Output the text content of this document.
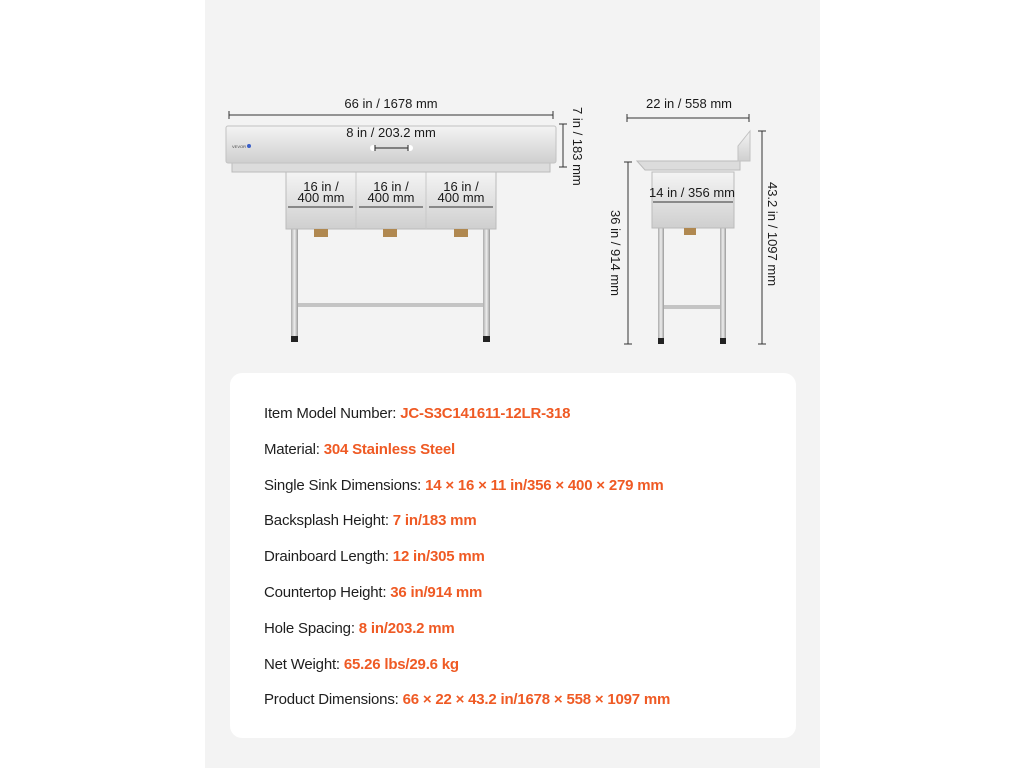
VEVOR
8 in / 203.2 mm
66 in / 1678 mm
7 in / 183 mm
16 in /
400 mm
16 in /
400 mm
16 in /
400 mm
22 in / 558 mm
14 in / 356 mm
36 in / 914 mm	43.2 in / 1097 mm
Item Model Number: JC-S3C141611-12LR-318
Material: 304 Stainless Steel
Single Sink Dimensions: 14 × 16 × 11 in/356 × 400 × 279 mm
Backsplash Height: 7 in/183 mm
Drainboard Length: 12 in/305 mm
Countertop Height: 36 in/914 mm
Hole Spacing: 8 in/203.2 mm
Net Weight: 65.26 lbs/29.6 kg
Product Dimensions: 66 × 22 × 43.2 in/1678 × 558 × 1097 mm
